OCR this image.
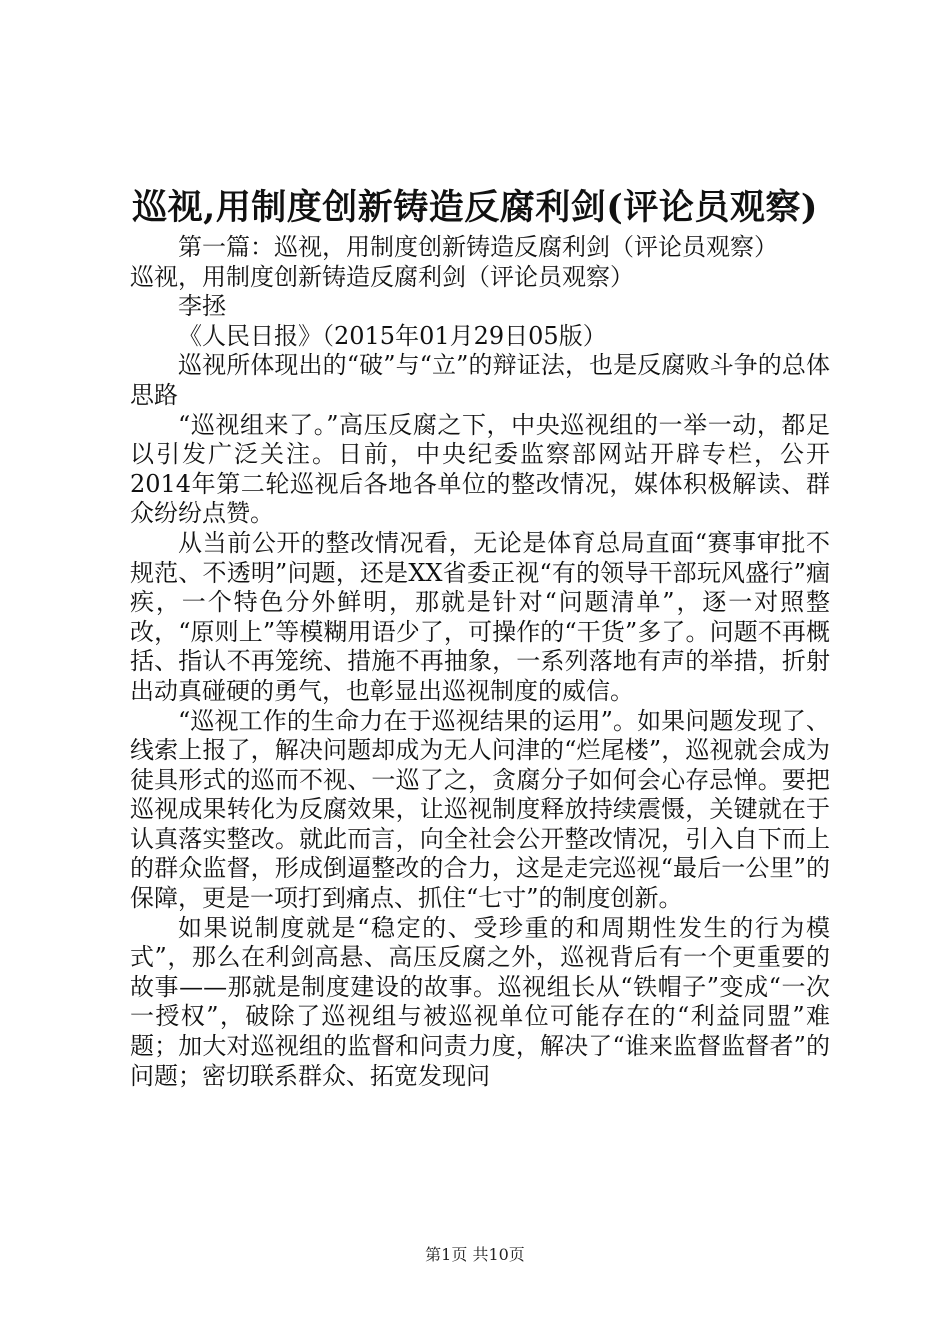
巡视,用制度创新铸造反腐利剑(评论员观察)

第一篇：巡视，用制度创新铸造反腐利剑（评论员观察）

巡视，用制度创新铸造反腐利剑（评论员观察）

李拯

《人民日报》（2015年01月29日05版）

巡视所体现出的“破”与“立”的辩证法，也是反腐败斗争的总体思路

“巡视组来了。”高压反腐之下，中央巡视组的一举一动，都足以引发广泛关注。日前，中央纪委监察部网站开辟专栏，公开2014年第二轮巡视后各地各单位的整改情况，媒体积极解读、群众纷纷点赞。

从当前公开的整改情况看，无论是体育总局直面“赛事审批不规范、不透明”问题，还是XX省委正视“有的领导干部玩风盛行”痼疾，一个特色分外鲜明，那就是针对“问题清单”，逐一对照整改，“原则上”等模糊用语少了，可操作的“干货”多了。问题不再概括、指认不再笼统、措施不再抽象，一系列落地有声的举措，折射出动真碰硬的勇气，也彰显出巡视制度的威信。

“巡视工作的生命力在于巡视结果的运用”。如果问题发现了、线索上报了，解决问题却成为无人问津的“烂尾楼”，巡视就会成为徒具形式的巡而不视、一巡了之，贪腐分子如何会心存忌惮。要把巡视成果转化为反腐效果，让巡视制度释放持续震慑，关键就在于认真落实整改。就此而言，向全社会公开整改情况，引入自下而上的群众监督，形成倒逼整改的合力，这是走完巡视“最后一公里”的保障，更是一项打到痛点、抓住“七寸”的制度创新。

如果说制度就是“稳定的、受珍重的和周期性发生的行为模式”，那么在利剑高悬、高压反腐之外，巡视背后有一个更重要的故事——那就是制度建设的故事。巡视组长从“铁帽子”变成“一次一授权”，破除了巡视组与被巡视单位可能存在的“利益同盟”难题；加大对巡视组的监督和问责力度，解决了“谁来监督监督者”的问题；密切联系群众、拓宽发现问

第1页 共10页
